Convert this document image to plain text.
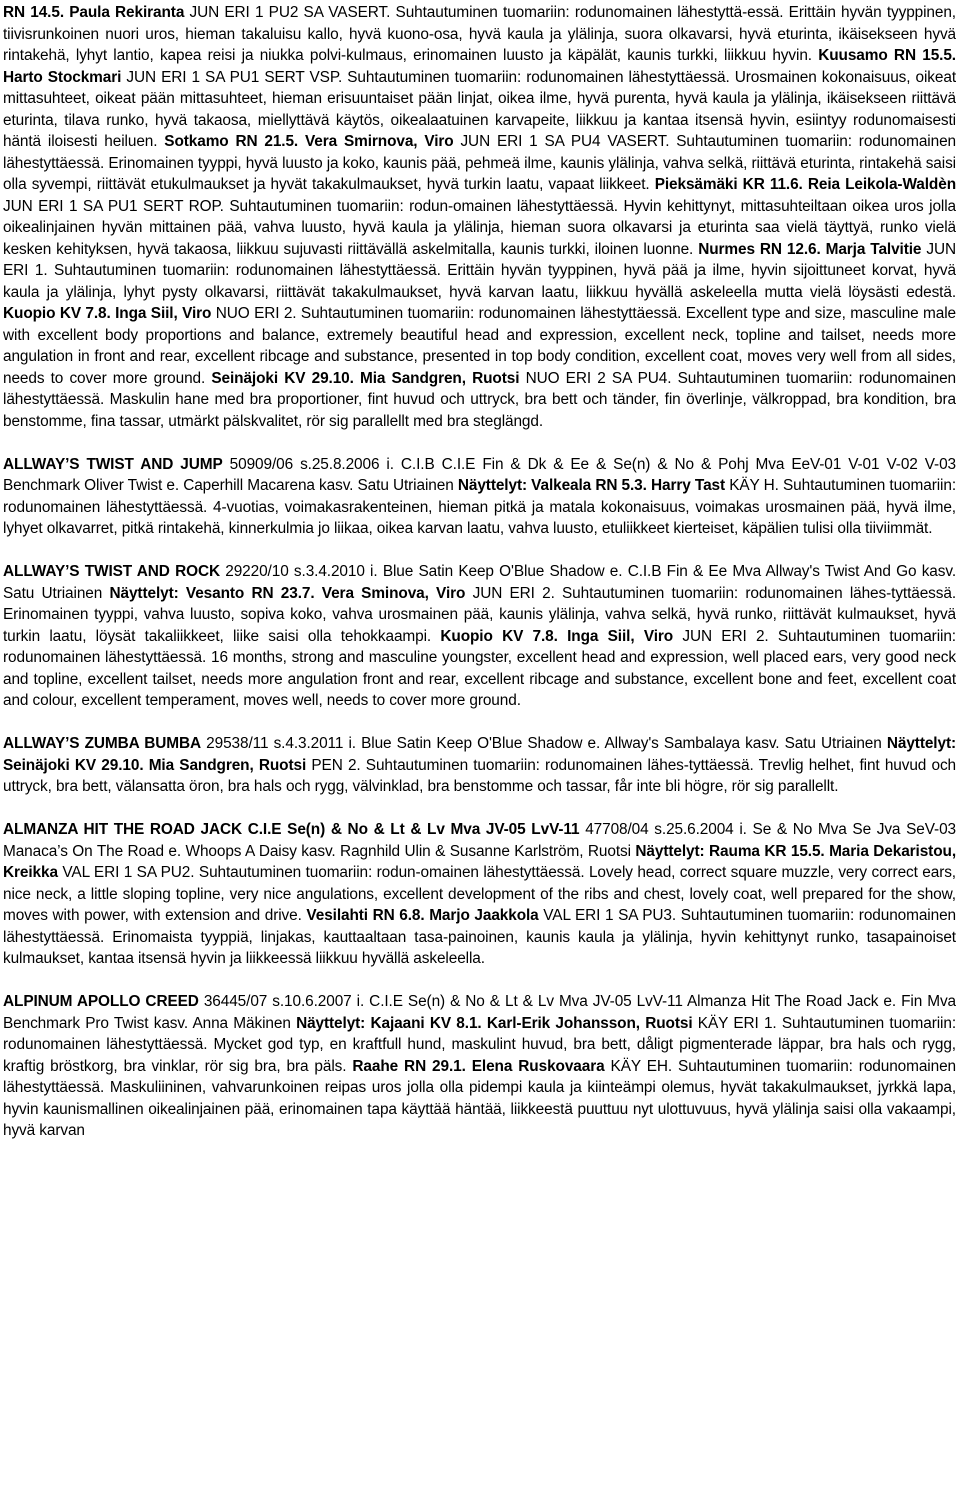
RN 14.5. Paula Rekiranta JUN ERI 1 PU2 SA VASERT. Suhtautuminen tuomariin: rodunomainen lähestyttä-essä. Erittäin hyvän tyyppinen, tiivisrunkoinen nuori uros, hieman takaluisu kallo, hyvä kuono-osa, hyvä kaula ja ylälinja, suora olkavarsi, hyvä eturinta, ikäisekseen hyvä rintakehä, lyhyt lantio, kapea reisi ja niukka polvi-kulmaus, erinomainen luusto ja käpälät, kaunis turkki, liikkuu hyvin. Kuusamo RN 15.5. Harto Stockmari JUN ERI 1 SA PU1 SERT VSP. Suhtautuminen tuomariin: rodunomainen lähestyttäessä. Urosmainen kokonaisuus, oikeat mittasuhteet, oikeat pään mittasuhteet, hieman erisuuntaiset pään linjat, oikea ilme, hyvä purenta, hyvä kaula ja ylälinja, ikäisekseen riittävä eturinta, tilava runko, hyvä takaosa, miellyttävä käytös, oikealaatuinen karvapeite, liikkuu ja kantaa itsensä hyvin, esiintyy rodunomaisesti häntä iloisesti heiluen. Sotkamo RN 21.5. Vera Smirnova, Viro JUN ERI 1 SA PU4 VASERT. Suhtautuminen tuomariin: rodunomainen lähestyttäessä. Erinomainen tyyppi, hyvä luusto ja koko, kaunis pää, pehmeä ilme, kaunis ylälinja, vahva selkä, riittävä eturinta, rintakehä saisi olla syvempi, riittävät etukulmaukset ja hyvät takakulmaukset, hyvä turkin laatu, vapaat liikkeet. Pieksämäki KR 11.6. Reia Leikola-Waldèn JUN ERI 1 SA PU1 SERT ROP. Suhtautuminen tuomariin: rodun-omainen lähestyttäessä. Hyvin kehittynyt, mittasuhteiltaan oikea uros jolla oikealinjainen hyvän mittainen pää, vahva luusto, hyvä kaula ja ylälinja, hieman suora olkavarsi ja eturinta saa vielä täyttyä, runko vielä kesken kehityksen, hyvä takaosa, liikkuu sujuvasti riittävällä askelmitalla, kaunis turkki, iloinen luonne. Nurmes RN 12.6. Marja Talvitie JUN ERI 1. Suhtautuminen tuomariin: rodunomainen lähestyttäessä. Erittäin hyvän tyyppinen, hyvä pää ja ilme, hyvin sijoittuneet korvat, hyvä kaula ja ylälinja, lyhyt pysty olkavarsi, riittävät takakulmaukset, hyvä karvan laatu, liikkuu hyvällä askeleella mutta vielä löysästi edestä. Kuopio KV 7.8. Inga Siil, Viro NUO ERI 2. Suhtautuminen tuomariin: rodunomainen lähestyttäessä. Excellent type and size, masculine male with excellent body proportions and balance, extremely beautiful head and expression, excellent neck, topline and tailset, needs more angulation in front and rear, excellent ribcage and substance, presented in top body condition, excellent coat, moves very well from all sides, needs to cover more ground. Seinäjoki KV 29.10. Mia Sandgren, Ruotsi NUO ERI 2 SA PU4. Suhtautuminen tuomariin: rodunomainen lähestyttäessä. Maskulin hane med bra proportioner, fint huvud och uttryck, bra bett och tänder, fin överlinje, välkroppad, bra kondition, bra benstomme, fina tassar, utmärkt pälskvalitet, rör sig parallellt med bra steglängd.

ALLWAY’S TWIST AND JUMP 50909/06 s.25.8.2006 i. C.I.B C.I.E Fin & Dk & Ee & Se(n) & No & Pohj Mva EeV-01 V-01 V-02 V-03 Benchmark Oliver Twist e. Caperhill Macarena kasv. Satu Utriainen Näyttelyt: Valkeala RN 5.3. Harry Tast KÄY H. Suhtautuminen tuomariin: rodunomainen lähestyttäessä. 4-vuotias, voimakasrakenteinen, hieman pitkä ja matala kokonaisuus, voimakas urosmainen pää, hyvä ilme, lyhyet olkavarret, pitkä rintakehä, kinnerkulmia jo liikaa, oikea karvan laatu, vahva luusto, etuliikkeet kierteiset, käpälien tulisi olla tiiviimmät.

ALLWAY’S TWIST AND ROCK 29220/10 s.3.4.2010 i. Blue Satin Keep O'Blue Shadow e. C.I.B Fin & Ee Mva Allway's Twist And Go kasv. Satu Utriainen Näyttelyt: Vesanto RN 23.7. Vera Sminova, Viro JUN ERI 2. Suhtautuminen tuomariin: rodunomainen lähes-tyttäessä. Erinomainen tyyppi, vahva luusto, sopiva koko, vahva urosmainen pää, kaunis ylälinja, vahva selkä, hyvä runko, riittävät kulmaukset, hyvä turkin laatu, löysät takaliikkeet, liike saisi olla tehokkaampi. Kuopio KV 7.8. Inga Siil, Viro JUN ERI 2. Suhtautuminen tuomariin: rodunomainen lähestyttäessä. 16 months, strong and masculine youngster, excellent head and expression, well placed ears, very good neck and topline, excellent tailset, needs more angulation front and rear, excellent ribcage and substance, excellent bone and feet, excellent coat and colour, excellent temperament, moves well, needs to cover more ground.

ALLWAY’S ZUMBA BUMBA 29538/11 s.4.3.2011 i. Blue Satin Keep O'Blue Shadow e. Allway's Sambalaya kasv. Satu Utriainen Näyttelyt: Seinäjoki KV 29.10. Mia Sandgren, Ruotsi PEN 2. Suhtautuminen tuomariin: rodunomainen lähes-tyttäessä. Trevlig helhet, fint huvud och uttryck, bra bett, välansatta öron, bra hals och rygg, välvinklad, bra benstomme och tassar, får inte bli högre, rör sig parallellt.

ALMANZA HIT THE ROAD JACK C.I.E Se(n) & No & Lt & Lv Mva JV-05 LvV-11 47708/04 s.25.6.2004 i. Se & No Mva Se Jva SeV-03 Manaca’s On The Road e. Whoops A Daisy kasv. Ragnhild Ulin & Susanne Karlström, Ruotsi Näyttelyt: Rauma KR 15.5. Maria Dekaristou, Kreikka VAL ERI 1 SA PU2. Suhtautuminen tuomariin: rodun-omainen lähestyttäessä. Lovely head, correct square muzzle, very correct ears, nice neck, a little sloping topline, very nice angulations, excellent development of the ribs and chest, lovely coat, well prepared for the show, moves with power, with extension and drive. Vesilahti RN 6.8. Marjo Jaakkola VAL ERI 1 SA PU3. Suhtautuminen tuomariin: rodunomainen lähestyttäessä. Erinomaista tyyppiä, linjakas, kauttaaltaan tasa-painoinen, kaunis kaula ja ylälinja, hyvin kehittynyt runko, tasapainoiset kulmaukset, kantaa itsensä hyvin ja liikkeessä liikkuu hyvällä askeleella.

ALPINUM APOLLO CREED 36445/07 s.10.6.2007 i. C.I.E Se(n) & No & Lt & Lv Mva JV-05 LvV-11 Almanza Hit The Road Jack e. Fin Mva Benchmark Pro Twist kasv. Anna Mäkinen Näyttelyt: Kajaani KV 8.1. Karl-Erik Johansson, Ruotsi KÄY ERI 1. Suhtautuminen tuomariin: rodunomainen lähestyttäessä. Mycket god typ, en kraftfull hund, maskulint huvud, bra bett, dåligt pigmenterade läppar, bra hals och rygg, kraftig bröstkorg, bra vinklar, rör sig bra, bra päls. Raahe RN 29.1. Elena Ruskovaara KÄY EH. Suhtautuminen tuomariin: rodunomainen lähestyttäessä. Maskuliininen, vahvarunkoinen reipas uros jolla olla pidempi kaula ja kiinteämpi olemus, hyvät takakulmaukset, jyrkkä lapa, hyvin kaunismallinen oikealinjainen pää, erinomainen tapa käyttää häntää, liikkeestä puuttuu nyt ulottuvuus, hyvä ylälinja saisi olla vakaampi, hyvä karvan
